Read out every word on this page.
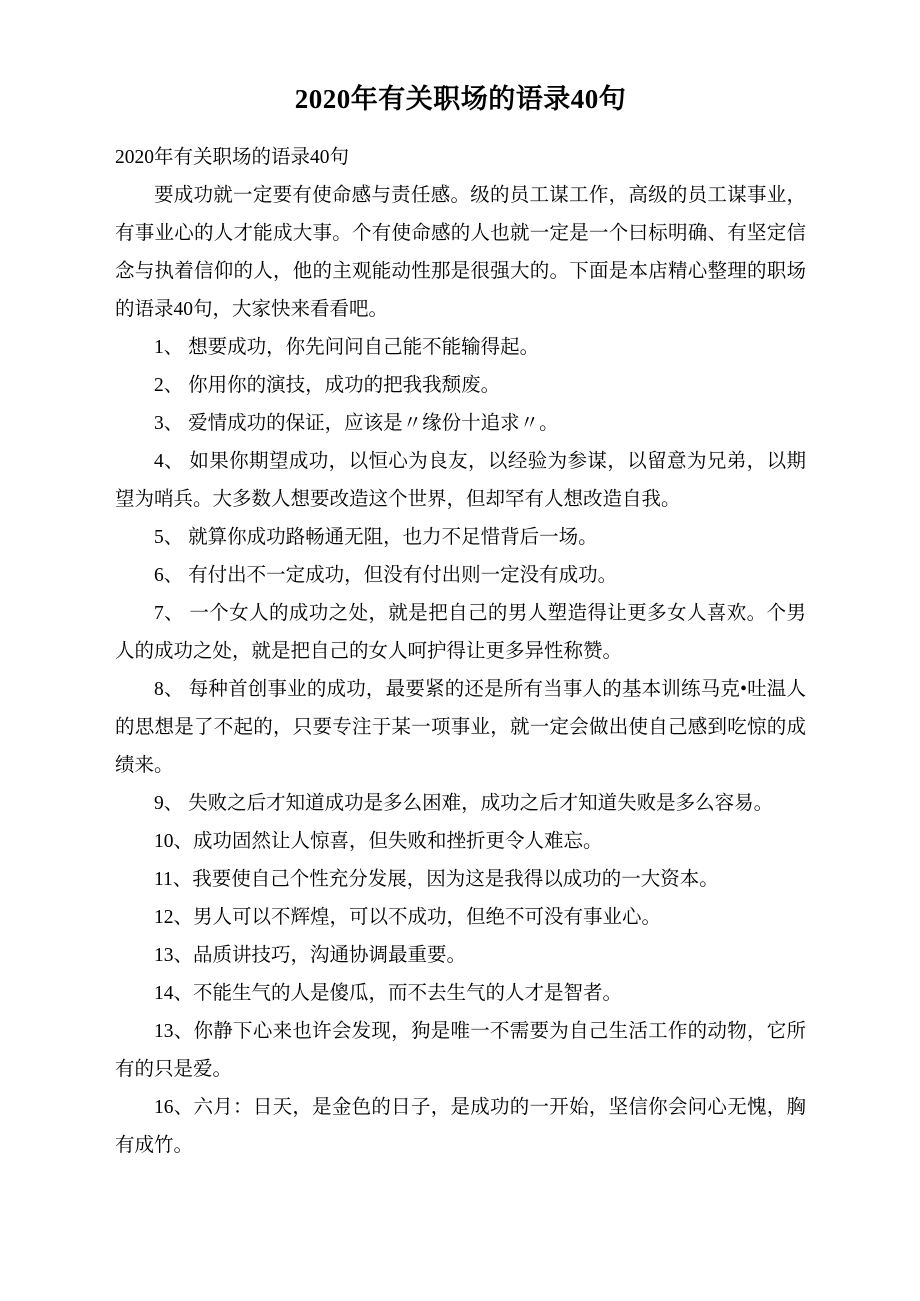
2020年有关职场的语录40句

2020年有关职场的语录40句

要成功就一定要有使命感与责任感。级的员工谋工作，高级的员工谋事业，有事业心的人才能成大事。个有使命感的人也就一定是一个曰标明确、有坚定信念与执着信仰的人，他的主观能动性那是很强大的。下面是本店精心整理的职场的语录40句，大家快来看看吧。

1、 想要成功，你先问问自己能不能输得起。

2、 你用你的演技，成功的把我我颓废。

3、 爱情成功的保证，应该是〃缘份十追求〃。

4、 如果你期望成功，以恒心为良友，以经验为参谋，以留意为兄弟，以期望为哨兵。大多数人想要改造这个世界，但却罕有人想改造自我。

5、 就算你成功路畅通无阻，也力不足惜背后一场。

6、 有付出不一定成功，但没有付出则一定没有成功。

7、 一个女人的成功之处，就是把自己的男人塑造得让更多女人喜欢。个男人的成功之处，就是把自己的女人呵护得让更多异性称赞。

8、 每种首创事业的成功，最要紧的还是所有当事人的基本训练马克•吐温人的思想是了不起的，只要专注于某一项事业，就一定会做出使自己感到吃惊的成绩来。

9、 失败之后才知道成功是多么困难，成功之后才知道失败是多么容易。

10、成功固然让人惊喜，但失败和挫折更令人难忘。

11、我要使自己个性充分发展，因为这是我得以成功的一大资本。

12、男人可以不辉煌，可以不成功，但绝不可没有事业心。

13、品质讲技巧，沟通协调最重要。

14、不能生气的人是傻瓜，而不去生气的人才是智者。

13、你静下心来也许会发现，狗是唯一不需要为自己生活工作的动物，它所有的只是爱。

16、六月：日天，是金色的日子，是成功的一开始，坚信你会问心无愧，胸有成竹。
